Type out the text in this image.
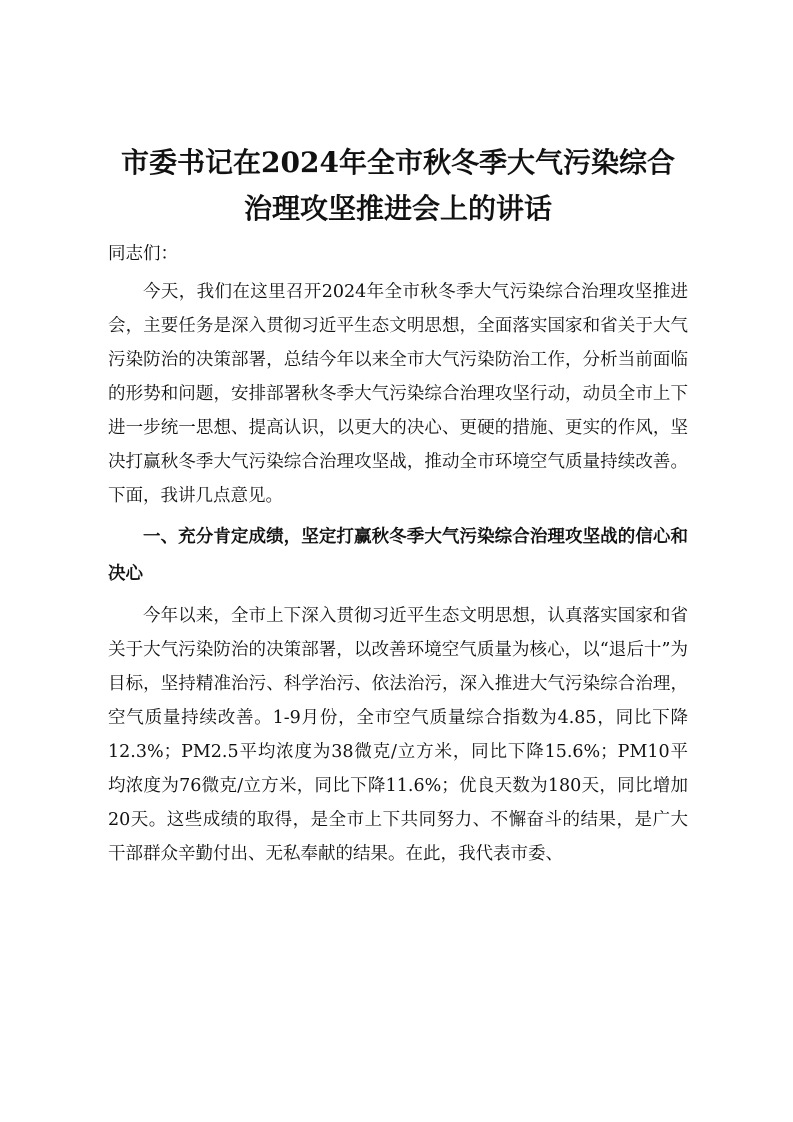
市委书记在2024年全市秋冬季大气污染综合
治理攻坚推进会上的讲话

同志们：

今天，我们在这里召开2024年全市秋冬季大气污染综合治理攻坚推进会，主要任务是深入贯彻习近平生态文明思想，全面落实国家和省关于大气污染防治的决策部署，总结今年以来全市大气污染防治工作，分析当前面临的形势和问题，安排部署秋冬季大气污染综合治理攻坚行动，动员全市上下进一步统一思想、提高认识，以更大的决心、更硬的措施、更实的作风，坚决打赢秋冬季大气污染综合治理攻坚战，推动全市环境空气质量持续改善。下面，我讲几点意见。

一、充分肯定成绩，坚定打赢秋冬季大气污染综合治理攻坚战的信心和决心

今年以来，全市上下深入贯彻习近平生态文明思想，认真落实国家和省关于大气污染防治的决策部署，以改善环境空气质量为核心，以“退后十”为目标，坚持精准治污、科学治污、依法治污，深入推进大气污染综合治理，空气质量持续改善。1-9月份，全市空气质量综合指数为4.85，同比下降12.3%；PM2.5平均浓度为38微克/立方米，同比下降15.6%；PM10平均浓度为76微克/立方米，同比下降11.6%；优良天数为180天，同比增加20天。这些成绩的取得，是全市上下共同努力、不懈奋斗的结果，是广大干部群众辛勤付出、无私奉献的结果。在此，我代表市委、
